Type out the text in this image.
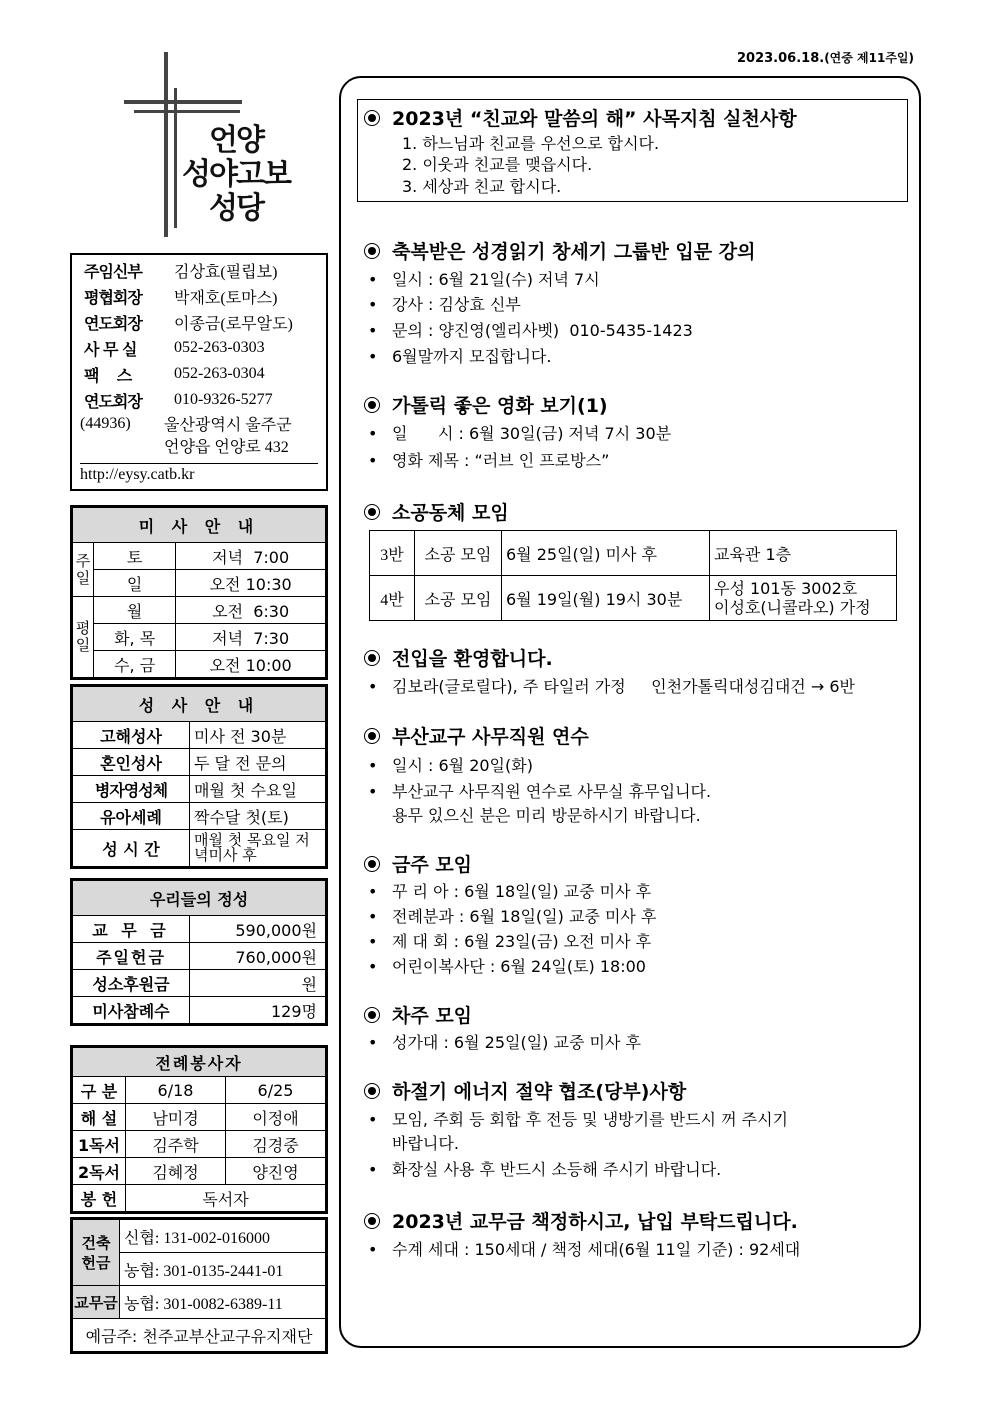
2023.06.18.(연중 제11주일)
언양
성야고보
성당
주임신부	김상효(필립보)
평협회장	박재호(토마스)
연도회장	이종금(로무알도)
사 무 실	052-263-0303
팩    스	052-263-0304
연도회장	010-9326-5277
(44936)	울산광역시 울주군
언양읍 언양로 432
http://eysy.catb.kr
미 사 안 내		
주일	토	저녁  7:00
	일	오전 10:30
평일	월	오전  6:30
	화, 목	저녁  7:30
	수, 금	오전 10:00
성 사 안 내	
고해성사	미사 전 30분
혼인성사	두 달 전 문의
병자영성체	매월 첫 수요일
유아세례	짝수달 첫(토)
성 시 간	매월 첫 목요일 저녁미사 후
우리들의 정성	
교 무 금	590,000원
주일헌금	760,000원
성소후원금	원
미사참례수	129명
전례봉사자		
구 분	6/18	6/25
해 설	남미경	이정애
1독서	김주학	김경중
2독서	김혜정	양진영
봉 헌	독서자	
건축헌금	신협: 131-002-016000
	농협: 301-0135-2441-01
교무금	농협: 301-0082-6389-11
예금주: 천주교부산교구유지재단	
2023년 “친교와 말씀의 해” 사목지침 실천사항
1. 하느님과 친교를 우선으로 합시다.
2. 이웃과 친교를 맺읍시다.
3. 세상과 친교 합시다.
축복받은 성경읽기 창세기 그룹반 입문 강의
• 일시 : 6월 21일(수) 저녁 7시
• 강사 : 김상효 신부
• 문의 : 양진영(엘리사벳)  010-5435-1423
• 6월말까지 모집합니다.
가톨릭 좋은 영화 보기(1)
• 일      시 : 6월 30일(금) 저녁 7시 30분
• 영화 제목 : “러브 인 프로방스”
소공동체 모임
3반	소공 모임	6월 25일(일) 미사 후	교육관 1층
4반	소공 모임	6월 19일(월) 19시 30분	우성 101동 3002호
이성호(니콜라오) 가정
전입을 환영합니다.
• 김보라(글로릴다), 주 타일러 가정     인천가톨릭대성김대건 → 6반
부산교구 사무직원 연수
• 일시 : 6월 20일(화)
• 부산교구 사무직원 연수로 사무실 휴무입니다.
용무 있으신 분은 미리 방문하시기 바랍니다.
금주 모임
• 꾸 리 아 : 6월 18일(일) 교중 미사 후
• 전례분과 : 6월 18일(일) 교중 미사 후
• 제 대 회 : 6월 23일(금) 오전 미사 후
• 어린이복사단 : 6월 24일(토) 18:00
차주 모임
• 성가대 : 6월 25일(일) 교중 미사 후
하절기 에너지 절약 협조(당부)사항
• 모임, 주회 등 회합 후 전등 및 냉방기를 반드시 꺼 주시기
바랍니다.
• 화장실 사용 후 반드시 소등해 주시기 바랍니다.
2023년 교무금 책정하시고, 납입 부탁드립니다.
• 수계 세대 : 150세대 / 책정 세대(6월 11일 기준) : 92세대
